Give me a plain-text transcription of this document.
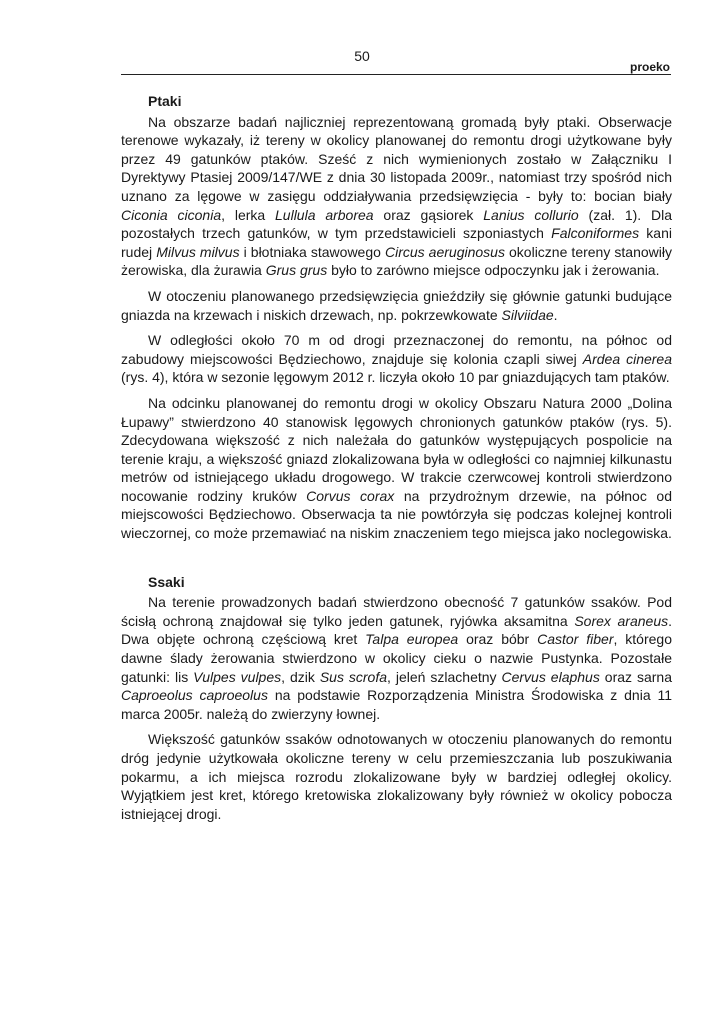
50
proeko
Ptaki

Na obszarze badań najliczniej reprezentowaną gromadą były ptaki. Obserwacje terenowe wykazały, iż tereny w okolicy planowanej do remontu drogi użytkowane były przez 49 gatunków ptaków. Sześć z nich wymienionych zostało w Załączniku I Dyrektywy Ptasiej 2009/147/WE z dnia 30 listopada 2009r., natomiast trzy spośród nich uznano za lęgowe w zasięgu oddziaływania przedsięwzięcia - były to: bocian biały Ciconia ciconia, lerka Lullula arborea oraz gąsiorek Lanius collurio (zał. 1). Dla pozostałych trzech gatunków, w tym przedstawicieli szponiastych Falconiformes kani rudej Milvus milvus i błotniaka stawowego Circus aeruginosus okoliczne tereny stanowiły żerowiska, dla żurawia Grus grus było to zarówno miejsce odpoczynku jak i żerowania.

W otoczeniu planowanego przedsięwzięcia gnieździły się głównie gatunki budujące gniazda na krzewach i niskich drzewach, np. pokrzewkowate Silviidae.

W odległości około 70 m od drogi przeznaczonej do remontu, na północ od zabudowy miejscowości Będziechowo, znajduje się kolonia czapli siwej Ardea cinerea (rys. 4), która w sezonie lęgowym 2012 r. liczyła około 10 par gniazdujących tam ptaków.

Na odcinku planowanej do remontu drogi w okolicy Obszaru Natura 2000 „Dolina Łupawy” stwierdzono 40 stanowisk lęgowych chronionych gatunków ptaków (rys. 5). Zdecydowana większość z nich należała do gatunków występujących pospolicie na terenie kraju, a większość gniazd zlokalizowana była w odległości co najmniej kilkunastu metrów od istniejącego układu drogowego. W trakcie czerwcowej kontroli stwierdzono nocowanie rodziny kruków Corvus corax na przydrożnym drzewie, na północ od miejscowości Będziechowo. Obserwacja ta nie powtórzyła się podczas kolejnej kontroli wieczornej, co może przemawiać na niskim znaczeniem tego miejsca jako noclegowiska.

Ssaki

Na terenie prowadzonych badań stwierdzono obecność 7 gatunków ssaków. Pod ścisłą ochroną znajdował się tylko jeden gatunek, ryjówka aksamitna Sorex araneus. Dwa objęte ochroną częściową kret Talpa europea oraz bóbr Castor fiber, którego dawne ślady żerowania stwierdzono w okolicy cieku o nazwie Pustynka. Pozostałe gatunki: lis Vulpes vulpes, dzik Sus scrofa, jeleń szlachetny Cervus elaphus oraz sarna Caproeolus caproeolus na podstawie Rozporządzenia Ministra Środowiska z dnia 11 marca 2005r. należą do zwierzyny łownej.

Większość gatunków ssaków odnotowanych w otoczeniu planowanych do remontu dróg jedynie użytkowała okoliczne tereny w celu przemieszczania lub poszukiwania pokarmu, a ich miejsca rozrodu zlokalizowane były w bardziej odległej okolicy. Wyjątkiem jest kret, którego kretowiska zlokalizowany były również w okolicy pobocza istniejącej drogi.
